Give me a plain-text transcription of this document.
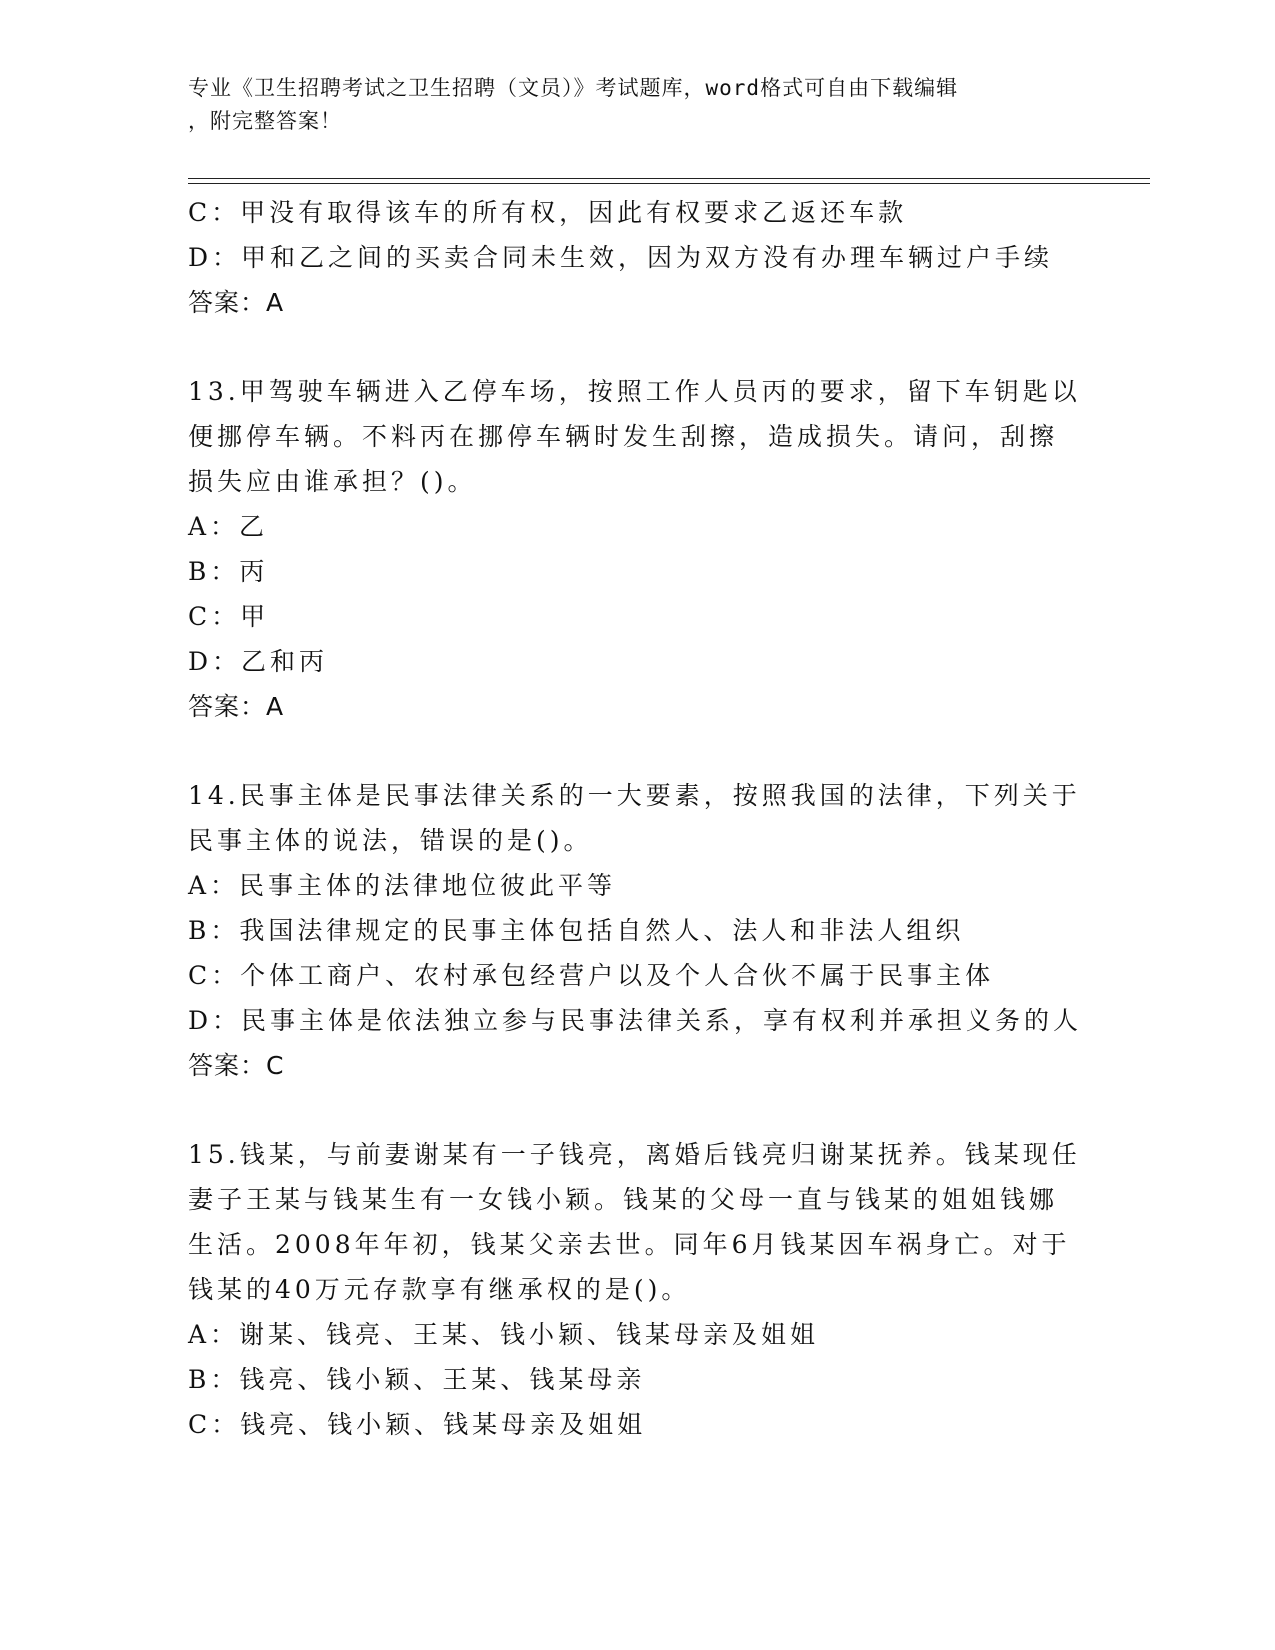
专业《卫生招聘考试之卫生招聘（文员）》考试题库，word格式可自由下载编辑
，附完整答案！
C：甲没有取得该车的所有权，因此有权要求乙返还车款
D：甲和乙之间的买卖合同未生效，因为双方没有办理车辆过户手续
答案：A
13.甲驾驶车辆进入乙停车场，按照工作人员丙的要求，留下车钥匙以
便挪停车辆。不料丙在挪停车辆时发生刮擦，造成损失。请问，刮擦
损失应由谁承担？()。
A：乙
B：丙
C：甲
D：乙和丙
答案：A
14.民事主体是民事法律关系的一大要素，按照我国的法律，下列关于
民事主体的说法，错误的是()。
A：民事主体的法律地位彼此平等
B：我国法律规定的民事主体包括自然人、法人和非法人组织
C：个体工商户、农村承包经营户以及个人合伙不属于民事主体
D：民事主体是依法独立参与民事法律关系，享有权利并承担义务的人
答案：C
15.钱某，与前妻谢某有一子钱亮，离婚后钱亮归谢某抚养。钱某现任
妻子王某与钱某生有一女钱小颖。钱某的父母一直与钱某的姐姐钱娜
生活。2008年年初，钱某父亲去世。同年6月钱某因车祸身亡。对于
钱某的40万元存款享有继承权的是()。
A：谢某、钱亮、王某、钱小颖、钱某母亲及姐姐
B：钱亮、钱小颖、王某、钱某母亲
C：钱亮、钱小颖、钱某母亲及姐姐
